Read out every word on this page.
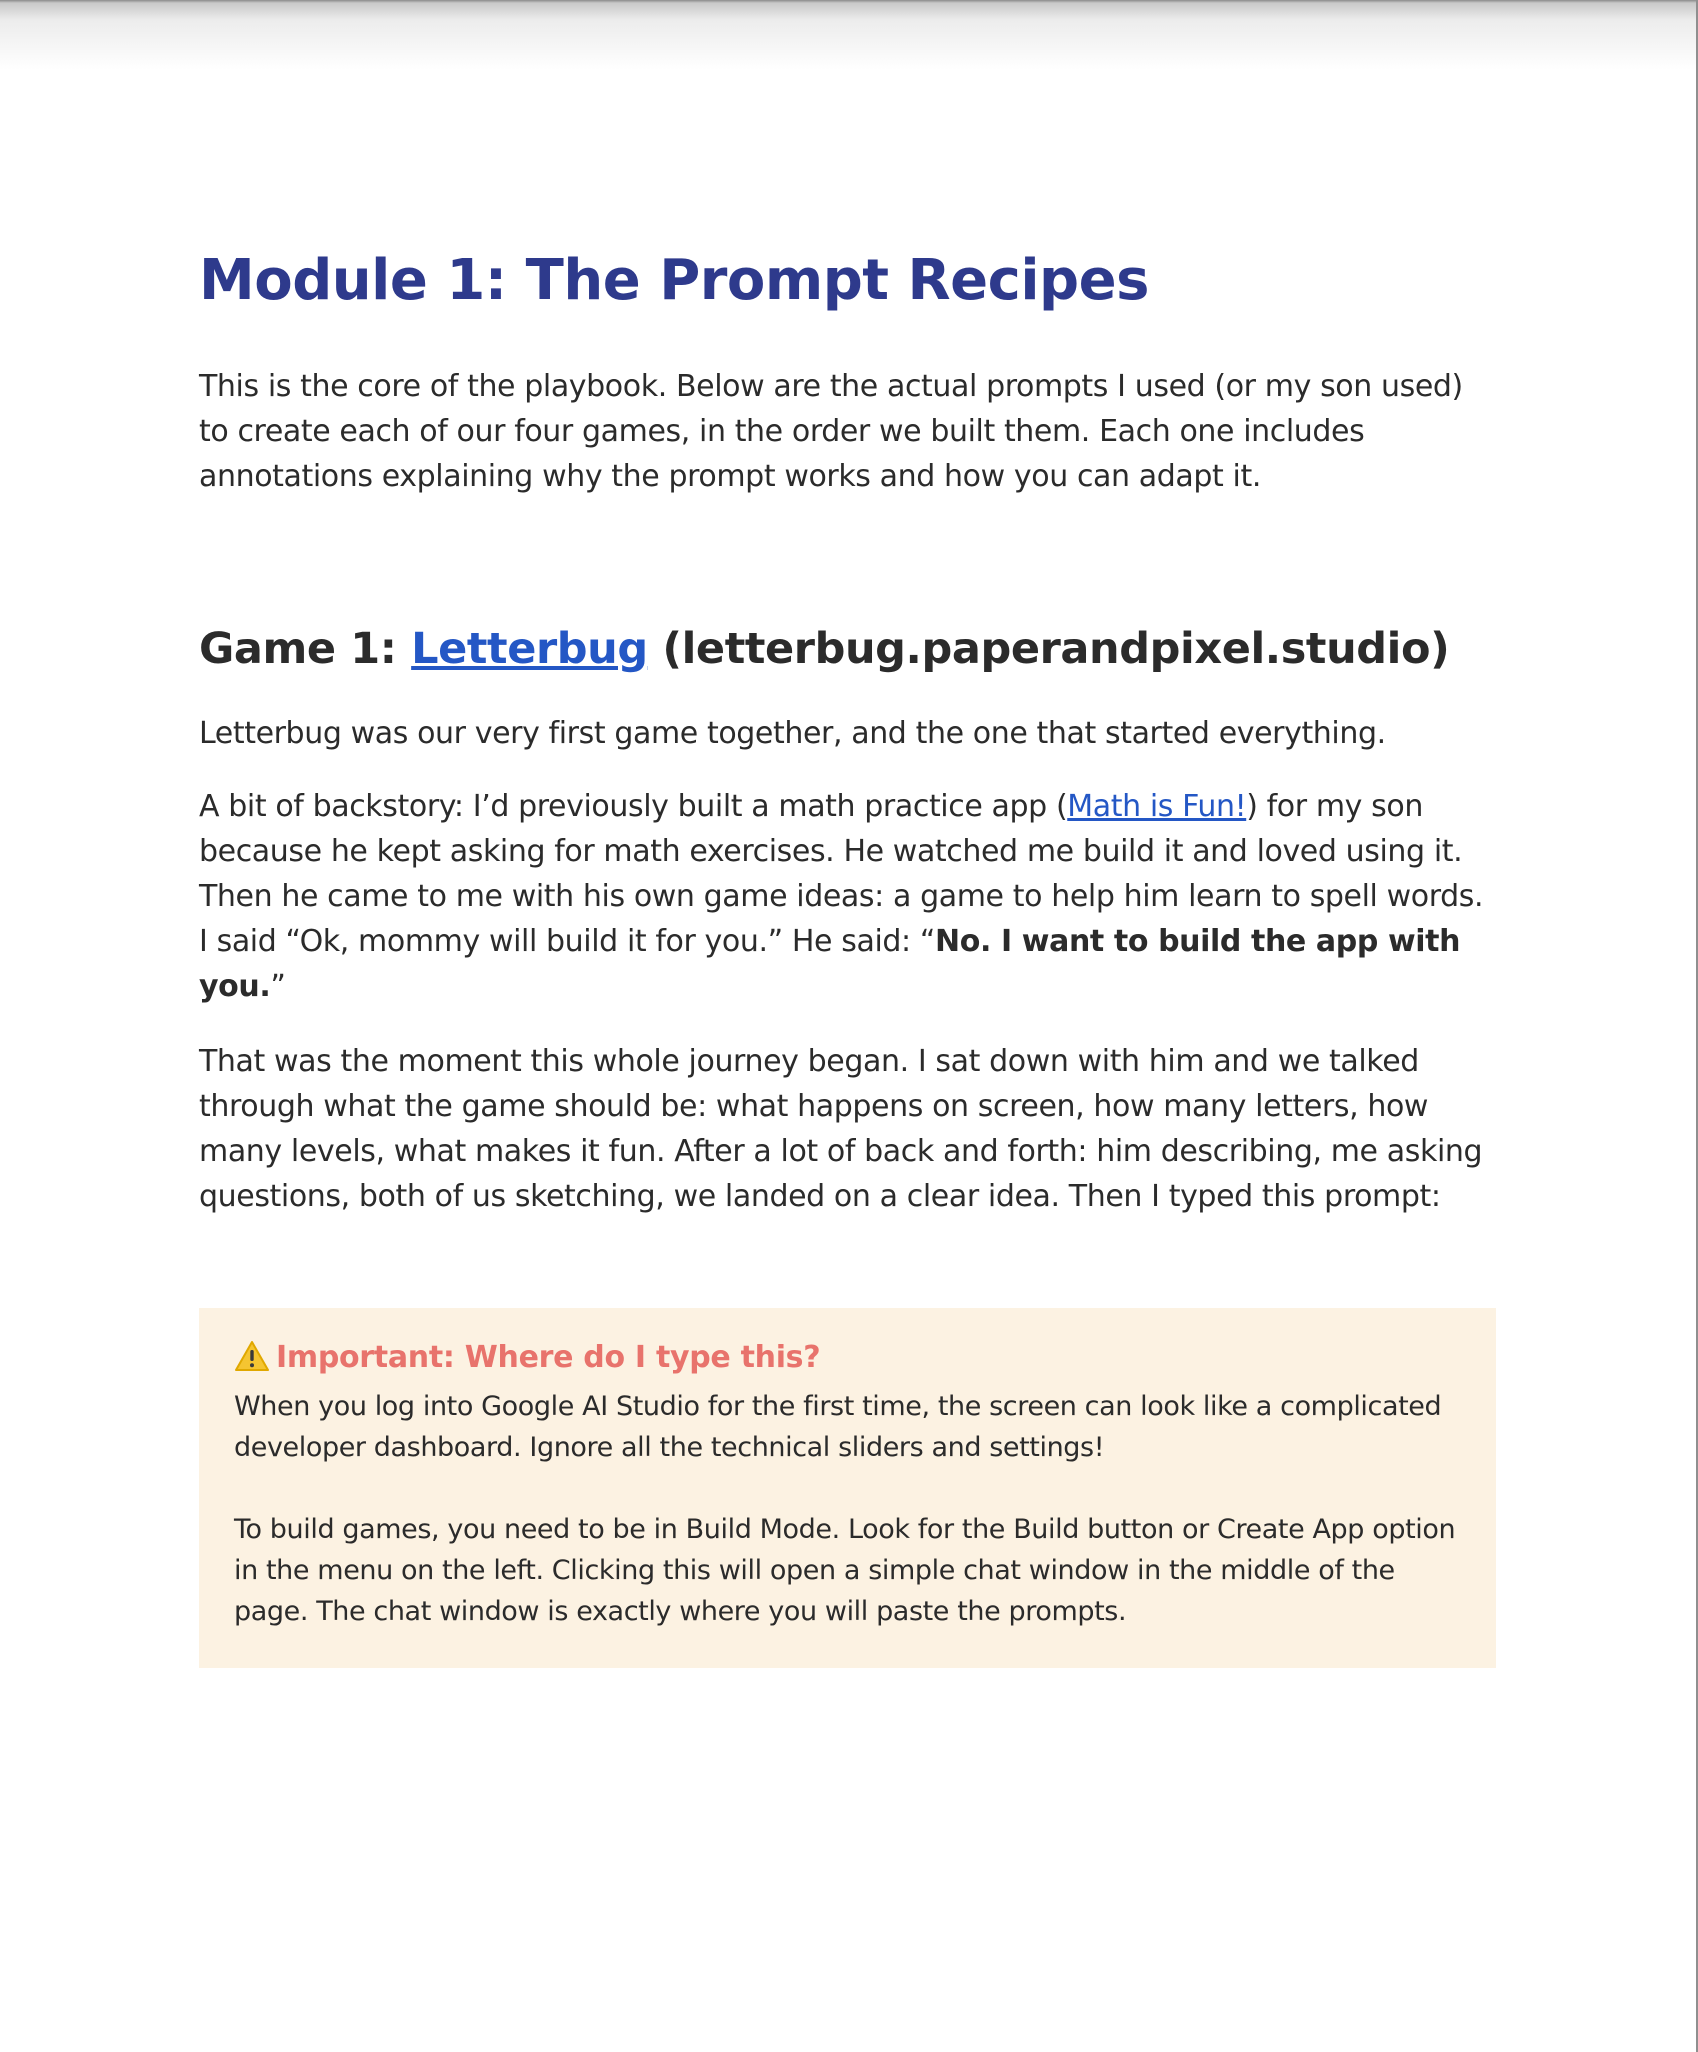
Module 1: The Prompt Recipes

This is the core of the playbook. Below are the actual prompts I used (or my son used) to create each of our four games, in the order we built them. Each one includes annotations explaining why the prompt works and how you can adapt it.

Game 1: Letterbug (letterbug.paperandpixel.studio)

Letterbug was our very first game together, and the one that started everything.

A bit of backstory: I’d previously built a math practice app (Math is Fun!) for my son because he kept asking for math exercises. He watched me build it and loved using it. Then he came to me with his own game ideas: a game to help him learn to spell words. I said “Ok, mommy will build it for you.” He said: “No. I want to build the app with you.”

That was the moment this whole journey began. I sat down with him and we talked through what the game should be: what happens on screen, how many letters, how many levels, what makes it fun. After a lot of back and forth: him describing, me asking questions, both of us sketching, we landed on a clear idea. Then I typed this prompt:

Important: Where do I type this?

When you log into Google AI Studio for the first time, the screen can look like a complicated developer dashboard. Ignore all the technical sliders and settings!

To build games, you need to be in Build Mode. Look for the Build button or Create App option in the menu on the left. Clicking this will open a simple chat window in the middle of the page. The chat window is exactly where you will paste the prompts.
